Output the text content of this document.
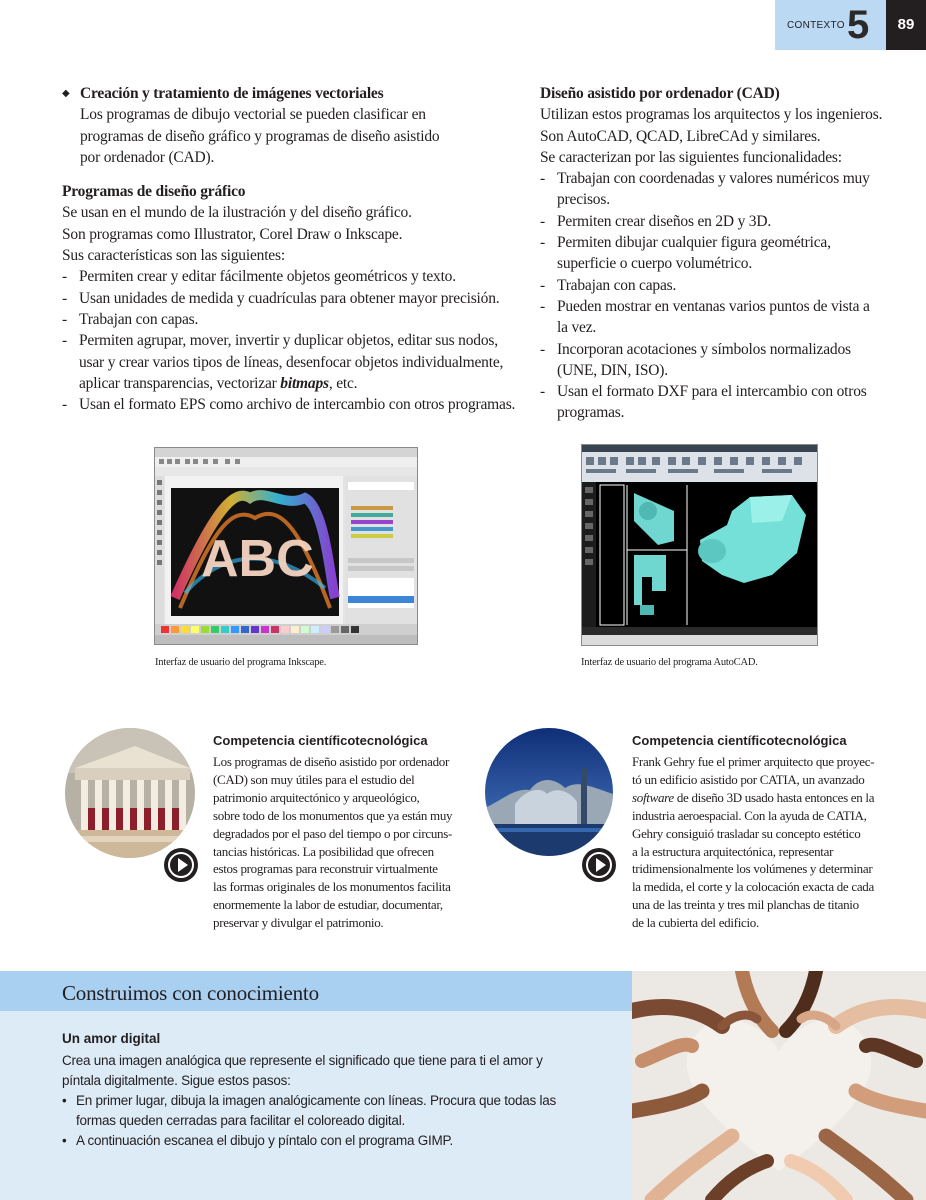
CONTEXTO 5	89
◆ Creación y tratamiento de imágenes vectoriales

Los programas de dibujo vectorial se pueden clasificar en

programas de diseño gráfico y programas de diseño asistido

por ordenador (CAD).

Programas de diseño gráfico

Se usan en el mundo de la ilustración y del diseño gráfico.

Son programas como Illustrator, Corel Draw o Inkscape.

Sus características son las siguientes:

- Permiten crear y editar fácilmente objetos geométricos y texto.
- Usan unidades de medida y cuadrículas para obtener mayor precisión.
- Trabajan con capas.
- Permiten agrupar, mover, invertir y duplicar objetos, editar sus nodos, usar y crear varios tipos de líneas, desenfocar objetos individualmente, aplicar transparencias, vectorizar bitmaps, etc.
- Usan el formato EPS como archivo de intercambio con otros programas.

Diseño asistido por ordenador (CAD)

Utilizan estos programas los arquitectos y los ingenieros.

Son AutoCAD, QCAD, LibreCAd y similares.

Se caracterizan por las siguientes funcionalidades:

- Trabajan con coordenadas y valores numéricos muy precisos.
- Permiten crear diseños en 2D y 3D.
- Permiten dibujar cualquier figura geométrica, superficie o cuerpo volumétrico.
- Trabajan con capas.
- Pueden mostrar en ventanas varios puntos de vista a la vez.
- Incorporan acotaciones y símbolos normalizados (UNE, DIN, ISO).
- Usan el formato DXF para el intercambio con otros programas.
ABC
Interfaz de usuario del programa Inkscape.	Interfaz de usuario del programa AutoCAD.
Competencia científicotecnológica

Los programas de diseño asistido por ordenador

(CAD) son muy útiles para el estudio del

patrimonio arquitectónico y arqueológico,

sobre todo de los monumentos que ya están muy

degradados por el paso del tiempo o por circuns-

tancias históricas. La posibilidad que ofrecen

estos programas para reconstruir virtualmente

las formas originales de los monumentos facilita

enormemente la labor de estudiar, documentar,

preservar y divulgar el patrimonio.

Competencia científicotecnológica

Frank Gehry fue el primer arquitecto que proyec-

tó un edificio asistido por CATIA, un avanzado

software de diseño 3D usado hasta entonces en la

industria aeroespacial. Con la ayuda de CATIA,

Gehry consiguió trasladar su concepto estético

a la estructura arquitectónica, representar

tridimensionalmente los volúmenes y determinar

la medida, el corte y la colocación exacta de cada

una de las treinta y tres mil planchas de titanio

de la cubierta del edificio.

Construimos con conocimiento
Un amor digital

Crea una imagen analógica que represente el significado que tiene para ti el amor y píntala digitalmente. Sigue estos pasos:

• En primer lugar, dibuja la imagen analógicamente con líneas. Procura que todas las formas queden cerradas para facilitar el coloreado digital.
• A continuación escanea el dibujo y píntalo con el programa GIMP.
